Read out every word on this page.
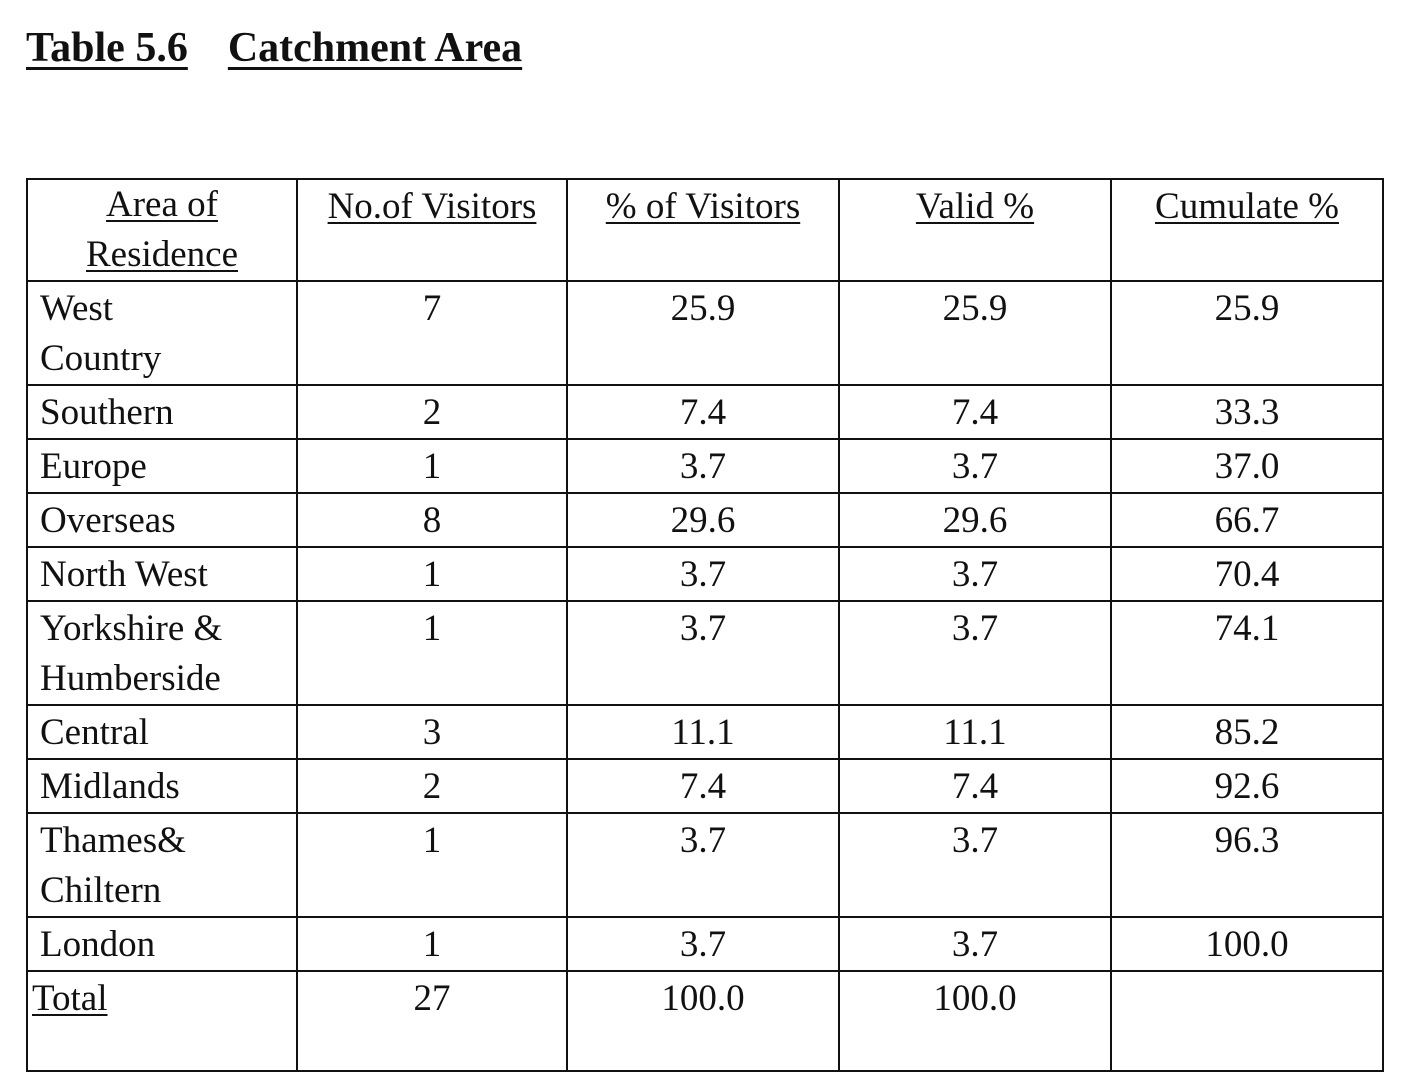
Table 5.6 Catchment Area
Area of Residence	No.of Visitors	% of Visitors	Valid %	Cumulate %
West Country	7	25.9	25.9	25.9
Southern	2	7.4	7.4	33.3
Europe	1	3.7	3.7	37.0
Overseas	8	29.6	29.6	66.7
North West	1	3.7	3.7	70.4
Yorkshire & Humberside	1	3.7	3.7	74.1
Central	3	11.1	11.1	85.2
Midlands	2	7.4	7.4	92.6
Thames& Chiltern	1	3.7	3.7	96.3
London	1	3.7	3.7	100.0
Total	27	100.0	100.0	
